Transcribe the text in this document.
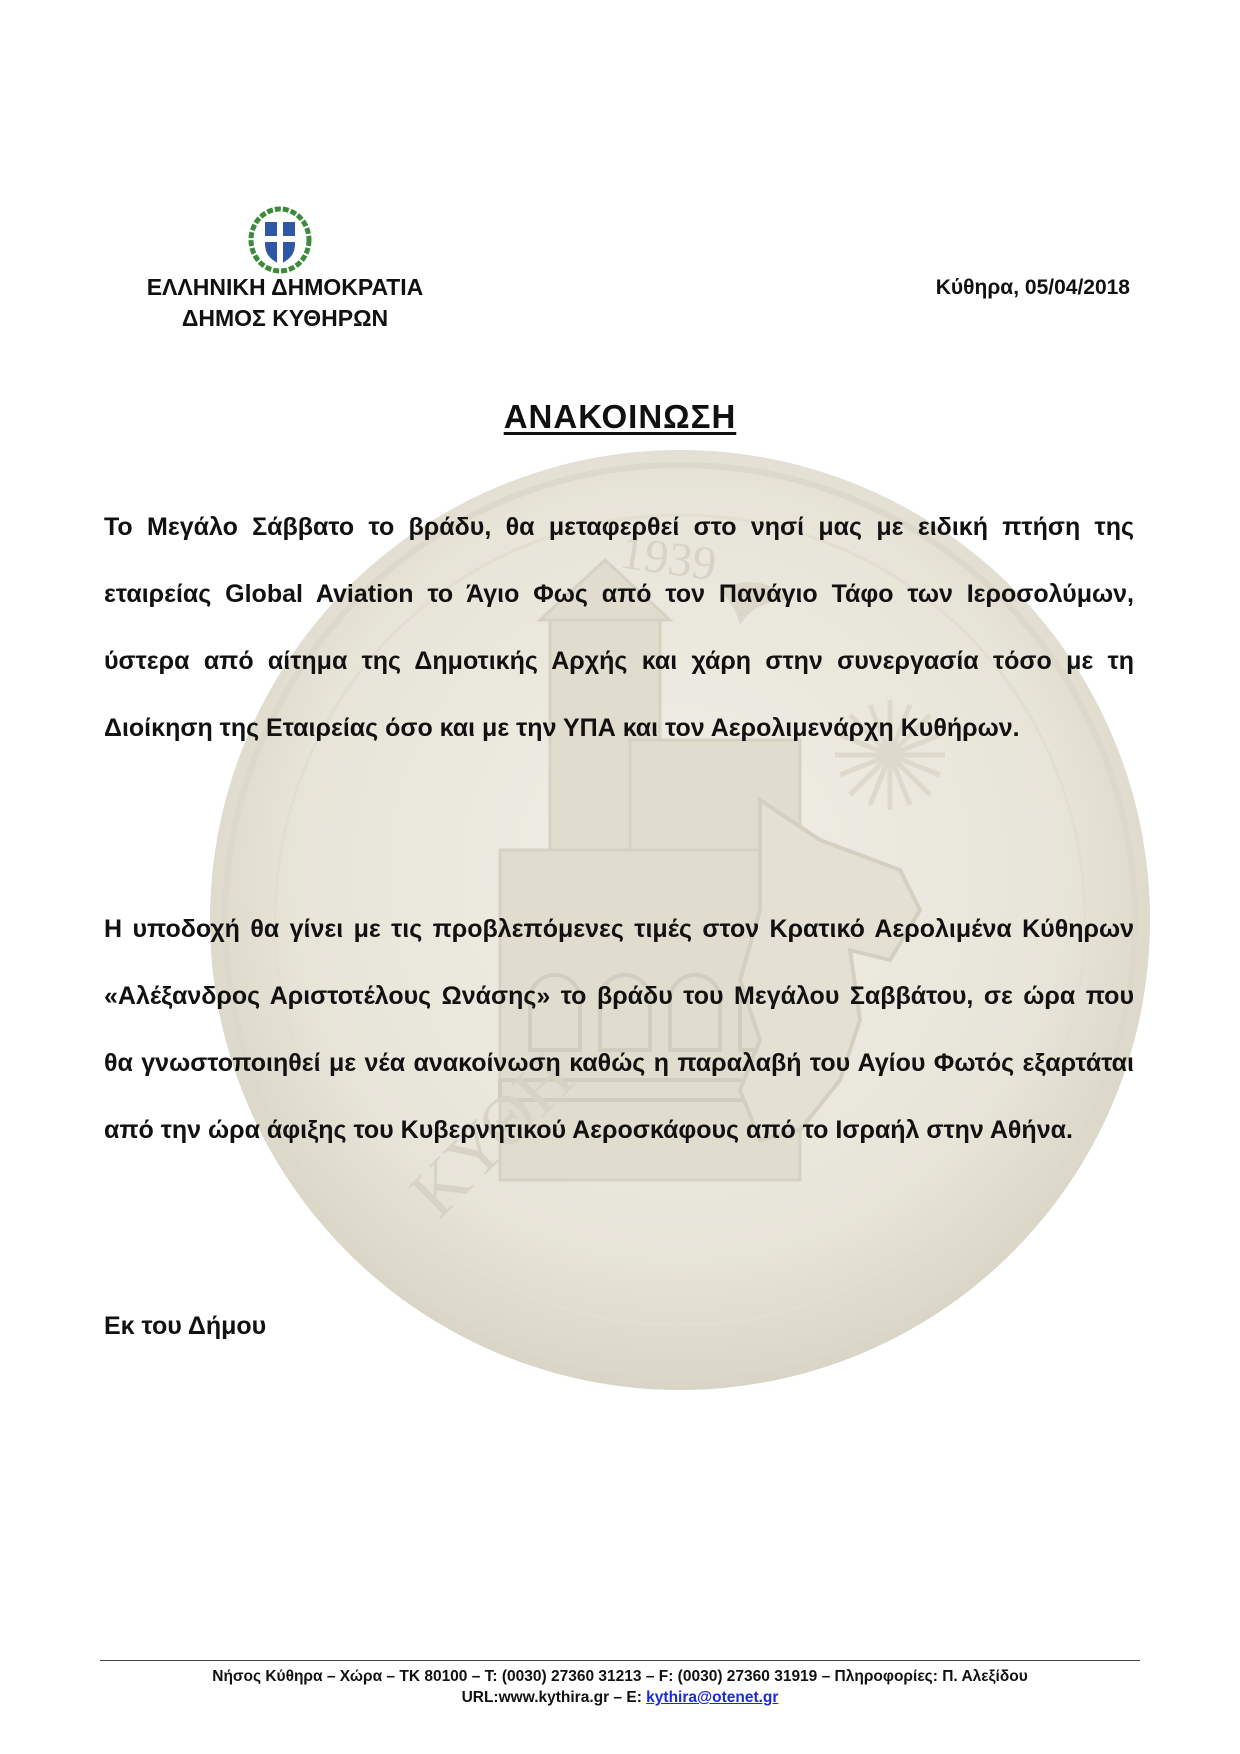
1939
ΚΥΘΗ
ΕΛΛΗΝΙΚΗ ΔΗΜΟΚΡΑΤΙΑ
ΔΗΜΟΣ ΚΥΘΗΡΩΝ
Κύθηρα, 05/04/2018
ΑΝΑΚΟΙΝΩΣΗ
Το Μεγάλο Σάββατο το βράδυ, θα μεταφερθεί στο νησί μας με ειδική πτήση της εταιρείας Global Aviation το Άγιο Φως από τον Πανάγιο Τάφο των Ιεροσολύμων, ύστερα από αίτημα της Δημοτικής Αρχής και χάρη στην συνεργασία τόσο με τη Διοίκηση της Εταιρείας όσο και με την ΥΠΑ και τον Αερολιμενάρχη Κυθήρων.
Η υποδοχή θα γίνει με τις προβλεπόμενες τιμές στον Κρατικό Αερολιμένα Κύθηρων «Αλέξανδρος Αριστοτέλους Ωνάσης» το βράδυ του Μεγάλου Σαββάτου, σε ώρα που θα γνωστοποιηθεί με νέα ανακοίνωση καθώς η παραλαβή του Αγίου Φωτός εξαρτάται από την ώρα άφιξης του Κυβερνητικού Αεροσκάφους από το Ισραήλ στην Αθήνα.
Εκ του Δήμου
Νήσος Κύθηρα – Χώρα – ΤΚ 80100 – Τ: (0030) 27360 31213 – F: (0030) 27360 31919 – Πληροφορίες: Π. Αλεξίδου
URL:www.kythira.gr – E: kythira@otenet.gr
